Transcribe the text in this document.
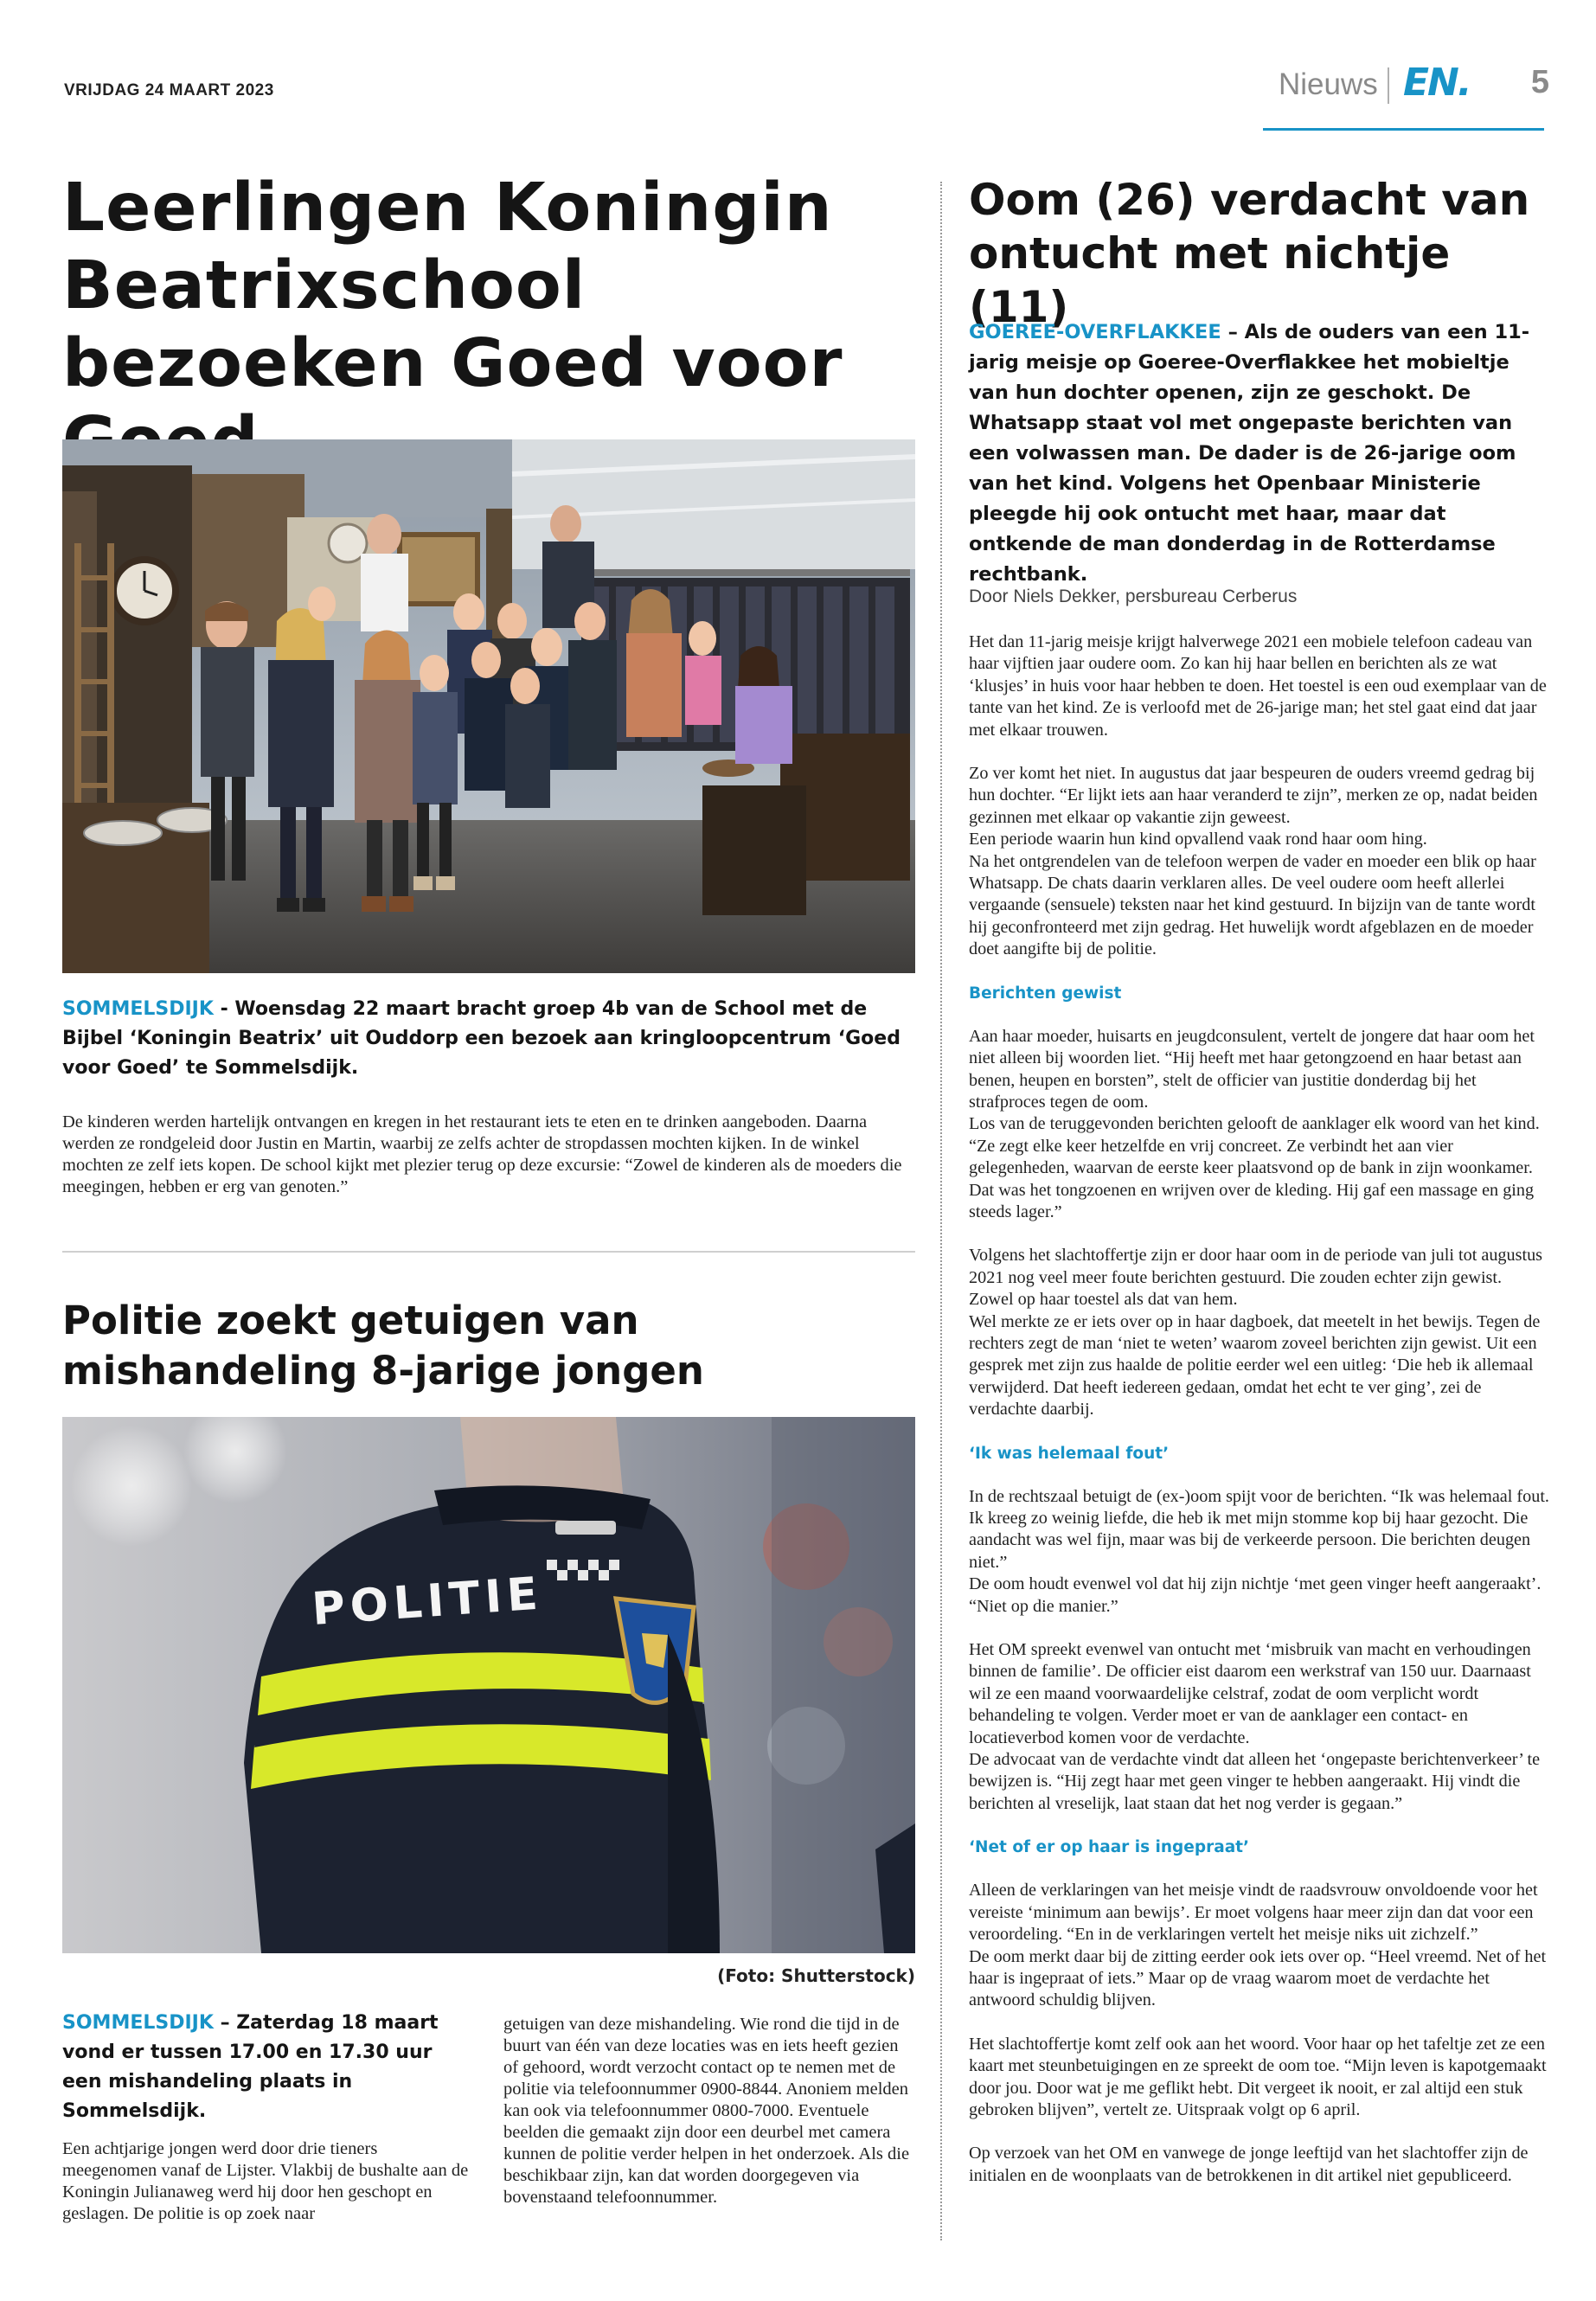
VRIJDAG 24 MAART 2023	Nieuws EN. 5
Leerlingen Koningin Beatrixschool bezoeken Goed voor
SOMMELSDIJK - Woensdag 22 maart bracht groep 4b van de School met de Bijbel ‘Koningin Beatrix’ uit Ouddorp een bezoek aan kringloopcentrum ‘Goed voor Goed’ te Sommelsdijk.

De kinderen werden hartelijk ontvangen en kregen in het restaurant iets te eten en te drinken aangeboden. Daarna werden ze rondgeleid door Justin en Martin, waarbij ze zelfs achter de stropdassen mochten kijken. In de winkel mochten ze zelf iets kopen. De school kijkt met plezier terug op deze excursie: “Zowel de kinderen als de moeders die meegingen, hebben er erg van genoten.”

Politie zoekt getuigen van mishandeling 8-jarige jongen
POLITIE
(Foto: Shutterstock)
SOMMELSDIJK – Zaterdag 18 maart vond er tussen 17.00 en 17.30 uur een mishandeling plaats in Sommelsdijk.

Een achtjarige jongen werd door drie tieners meegenomen vanaf de Lijster. Vlakbij de bushalte aan de Koningin Julianaweg werd hij door hen geschopt en geslagen. De politie is op zoek naar

getuigen van deze mishandeling. Wie rond die tijd in de buurt van één van deze locaties was en iets heeft gezien of gehoord, wordt verzocht contact op te nemen met de politie via telefoonnummer 0900-8844. Anoniem melden kan ook via telefoonnummer 0800-7000. Eventuele beelden die gemaakt zijn door een deurbel met camera kunnen de politie verder helpen in het onderzoek. Als die beschikbaar zijn, kan dat worden doorgegeven via bovenstaand telefoonnummer.

Oom (26) verdacht van ontucht met nichtje (11)
GOEREE-OVERFLAKKEE – Als de ouders van een 11-jarig meisje op Goeree-Overflakkee het mobieltje van hun dochter openen, zijn ze geschokt. De Whatsapp staat vol met ongepaste berichten van een volwassen man. De dader is de 26-jarige oom van het kind. Volgens het Openbaar Ministerie pleegde hij ook ontucht met haar, maar dat ontkende de man donderdag in de Rotterdamse rechtbank.
Door Niels Dekker, persbureau Cerberus

Het dan 11-jarig meisje krijgt halverwege 2021 een mobiele telefoon cadeau van haar vijftien jaar oudere oom. Zo kan hij haar bellen en berichten als ze wat ‘klusjes’ in huis voor haar hebben te doen. Het toestel is een oud exemplaar van de tante van het kind. Ze is verloofd met de 26-jarige man; het stel gaat eind dat jaar met elkaar trouwen.

Zo ver komt het niet. In augustus dat jaar bespeuren de ouders vreemd gedrag bij hun dochter. “Er lijkt iets aan haar veranderd te zijn”, merken ze op, nadat beiden gezinnen met elkaar op vakantie zijn geweest.

Een periode waarin hun kind opvallend vaak rond haar oom hing.

Na het ontgrendelen van de telefoon werpen de vader en moeder een blik op haar Whatsapp. De chats daarin verklaren alles. De veel oudere oom heeft allerlei vergaande (sensuele) teksten naar het kind gestuurd. In bijzijn van de tante wordt hij geconfronteerd met zijn gedrag. Het huwelijk wordt afgeblazen en de moeder doet aangifte bij de politie.

Berichten gewist

Aan haar moeder, huisarts en jeugdconsulent, vertelt de jongere dat haar oom het niet alleen bij woorden liet. “Hij heeft met haar getongzoend en haar betast aan benen, heupen en borsten”, stelt de officier van justitie donderdag bij het strafproces tegen de oom.

Los van de teruggevonden berichten gelooft de aanklager elk woord van het kind. “Ze zegt elke keer hetzelfde en vrij concreet. Ze verbindt het aan vier gelegenheden, waarvan de eerste keer plaatsvond op de bank in zijn woonkamer. Dat was het tongzoenen en wrijven over de kleding. Hij gaf een massage en ging steeds lager.”

Volgens het slachtoffertje zijn er door haar oom in de periode van juli tot augustus 2021 nog veel meer foute berichten gestuurd. Die zouden echter zijn gewist. Zowel op haar toestel als dat van hem.

Wel merkte ze er iets over op in haar dagboek, dat meetelt in het bewijs. Tegen de rechters zegt de man ‘niet te weten’ waarom zoveel berichten zijn gewist. Uit een gesprek met zijn zus haalde de politie eerder wel een uitleg: ‘Die heb ik allemaal verwijderd. Dat heeft iedereen gedaan, omdat het echt te ver ging’, zei de verdachte daarbij.

‘Ik was helemaal fout’

In de rechtszaal betuigt de (ex-)oom spijt voor de berichten. “Ik was helemaal fout. Ik kreeg zo weinig liefde, die heb ik met mijn stomme kop bij haar gezocht. Die aandacht was wel fijn, maar was bij de verkeerde persoon. Die berichten deugen niet.”

De oom houdt evenwel vol dat hij zijn nichtje ‘met geen vinger heeft aangeraakt’. “Niet op die manier.”

Het OM spreekt evenwel van ontucht met ‘misbruik van macht en verhoudingen binnen de familie’. De officier eist daarom een werkstraf van 150 uur. Daarnaast wil ze een maand voorwaardelijke celstraf, zodat de oom verplicht wordt behandeling te volgen. Verder moet er van de aanklager een contact- en locatieverbod komen voor de verdachte.

De advocaat van de verdachte vindt dat alleen het ‘ongepaste berichtenverkeer’ te bewijzen is. “Hij zegt haar met geen vinger te hebben aangeraakt. Hij vindt die berichten al vreselijk, laat staan dat het nog verder is gegaan.”

‘Net of er op haar is ingepraat’

Alleen de verklaringen van het meisje vindt de raadsvrouw onvoldoende voor het vereiste ‘minimum aan bewijs’. Er moet volgens haar meer zijn dan dat voor een veroordeling. “En in de verklaringen vertelt het meisje niks uit zichzelf.”

De oom merkt daar bij de zitting eerder ook iets over op. “Heel vreemd. Net of het haar is ingepraat of iets.” Maar op de vraag waarom moet de verdachte het antwoord schuldig blijven.

Het slachtoffertje komt zelf ook aan het woord. Voor haar op het tafeltje zet ze een kaart met steunbetuigingen en ze spreekt de oom toe. “Mijn leven is kapotgemaakt door jou. Door wat je me geflikt hebt. Dit vergeet ik nooit, er zal altijd een stuk gebroken blijven”, vertelt ze. Uitspraak volgt op 6 april.

Op verzoek van het OM en vanwege de jonge leeftijd van het slachtoffer zijn de initialen en de woonplaats van de betrokkenen in dit artikel niet gepubliceerd.
